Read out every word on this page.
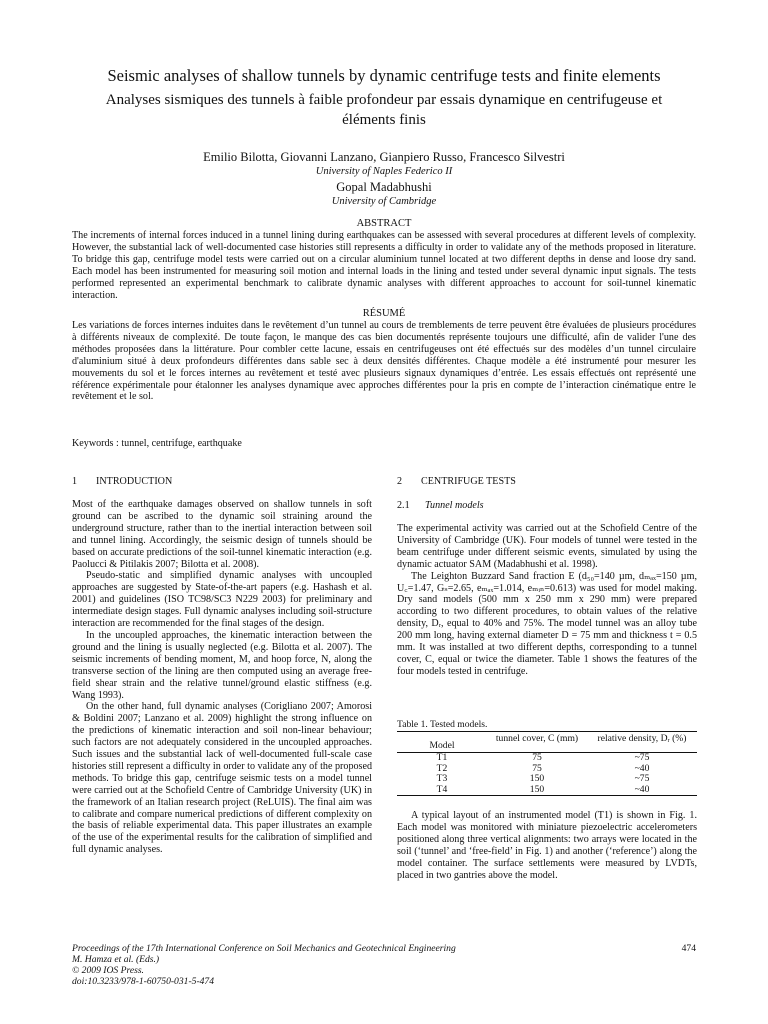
Seismic analyses of shallow tunnels by dynamic centrifuge tests and finite elements
Analyses sismiques des tunnels à faible profondeur par essais dynamique en centrifugeuse et éléments finis
Emilio Bilotta, Giovanni Lanzano, Gianpiero Russo, Francesco Silvestri
University of Naples Federico II
Gopal Madabhushi
University of Cambridge
ABSTRACT

The increments of internal forces induced in a tunnel lining during earthquakes can be assessed with several procedures at different levels of complexity. However, the substantial lack of well-documented case histories still represents a difficulty in order to validate any of the methods proposed in literature. To bridge this gap, centrifuge model tests were carried out on a circular aluminium tunnel located at two different depths in dense and loose dry sand. Each model has been instrumented for measuring soil motion and internal loads in the lining and tested under several dynamic input signals. The tests performed represented an experimental benchmark to calibrate dynamic analyses with different approaches to account for soil-tunnel kinematic interaction.

RÉSUMÉ

Les variations de forces internes induites dans le revêtement d’un tunnel au cours de tremblements de terre peuvent être évaluées de plusieurs procédures à différents niveaux de complexité. De toute façon, le manque des cas bien documentés représente toujours une difficulté, afin de valider l'une des méthodes proposées dans la littérature. Pour combler cette lacune, essais en centrifugeuses ont été effectués sur des modèles d’un tunnel circulaire d'aluminium situé à deux profondeurs différentes dans sable sec à deux densités différentes. Chaque modèle a été instrumenté pour mesurer les mouvements du sol et le forces internes au revêtement et testé avec plusieurs signaux dynamiques d’entrée. Les essais effectués ont représenté une référence expérimentale pour étalonner les analyses dynamique avec approches différentes pour la pris en compte de l’interaction cinématique entre le revêtement et le sol.

Keywords : tunnel, centrifuge, earthquake
1 INTRODUCTION

Most of the earthquake damages observed on shallow tunnels in soft ground can be ascribed to the dynamic soil straining around the underground structure, rather than to the inertial interaction between soil and tunnel lining. Accordingly, the seismic design of tunnels should be based on accurate predictions of the soil-tunnel kinematic interaction (e.g. Paolucci & Pitilakis 2007; Bilotta et al. 2008).

Pseudo-static and simplified dynamic analyses with uncoupled approaches are suggested by State-of-the-art papers (e.g. Hashash et al. 2001) and guidelines (ISO TC98/SC3 N229 2003) for preliminary and intermediate design stages. Full dynamic analyses including soil-structure interaction are recommended for the final stages of the design.

In the uncoupled approaches, the kinematic interaction between the ground and the lining is usually neglected (e.g. Bilotta et al. 2007). The seismic increments of bending moment, M, and hoop force, N, along the transverse section of the lining are then computed using an average free-field shear strain and the relative tunnel/ground elastic stiffness (e.g. Wang 1993).

On the other hand, full dynamic analyses (Corigliano 2007; Amorosi & Boldini 2007; Lanzano et al. 2009) highlight the strong influence on the predictions of kinematic interaction and soil non-linear behaviour; such factors are not adequately considered in the uncoupled approaches. Such issues and the substantial lack of well-documented full-scale case histories still represent a difficulty in order to validate any of the proposed methods. To bridge this gap, centrifuge seismic tests on a model tunnel were carried out at the Schofield Centre of Cambridge University (UK) in the framework of an Italian research project (ReLUIS). The final aim was to calibrate and compare numerical predictions of different complexity on the basis of reliable experimental data. This paper illustrates an example of the use of the experimental results for the calibration of simplified and full dynamic analyses.

2 CENTRIFUGE TESTS
2.1 Tunnel models

The experimental activity was carried out at the Schofield Centre of the University of Cambridge (UK). Four models of tunnel were tested in the beam centrifuge under different seismic events, simulated by using the dynamic actuator SAM (Madabhushi et al. 1998).

The Leighton Buzzard Sand fraction E (d₅₀=140 µm, dₘₐₓ=150 µm, U꜀=1.47, Gₛ=2.65, eₘₐₓ=1.014, eₘᵢₙ=0.613) was used for model making. Dry sand models (500 mm x 250 mm x 290 mm) were prepared according to two different procedures, to obtain values of the relative density, Dᵣ, equal to 40% and 75%. The model tunnel was an alloy tube 200 mm long, having external diameter D = 75 mm and thickness t = 0.5 mm. It was installed at two different depths, corresponding to a tunnel cover, C, equal or twice the diameter. Table 1 shows the features of the four models tested in centrifuge.

Table 1. Tested models.
Model	tunnel cover, C (mm)	relative density, Dᵣ (%)
T1	75	~75
T2	75	~40
T3	150	~75
T4	150	~40

A typical layout of an instrumented model (T1) is shown in Fig. 1. Each model was monitored with miniature piezoelectric accelerometers positioned along three vertical alignments: two arrays were located in the soil (‘tunnel’ and ‘free-field’ in Fig. 1) and another (‘reference’) along the model container. The surface settlements were measured by LVDTs, placed in two gantries above the model.

Proceedings of the 17th International Conference on Soil Mechanics and Geotechnical Engineering
M. Hamza et al. (Eds.)
© 2009 IOS Press.
doi:10.3233/978-1-60750-031-5-474
474
